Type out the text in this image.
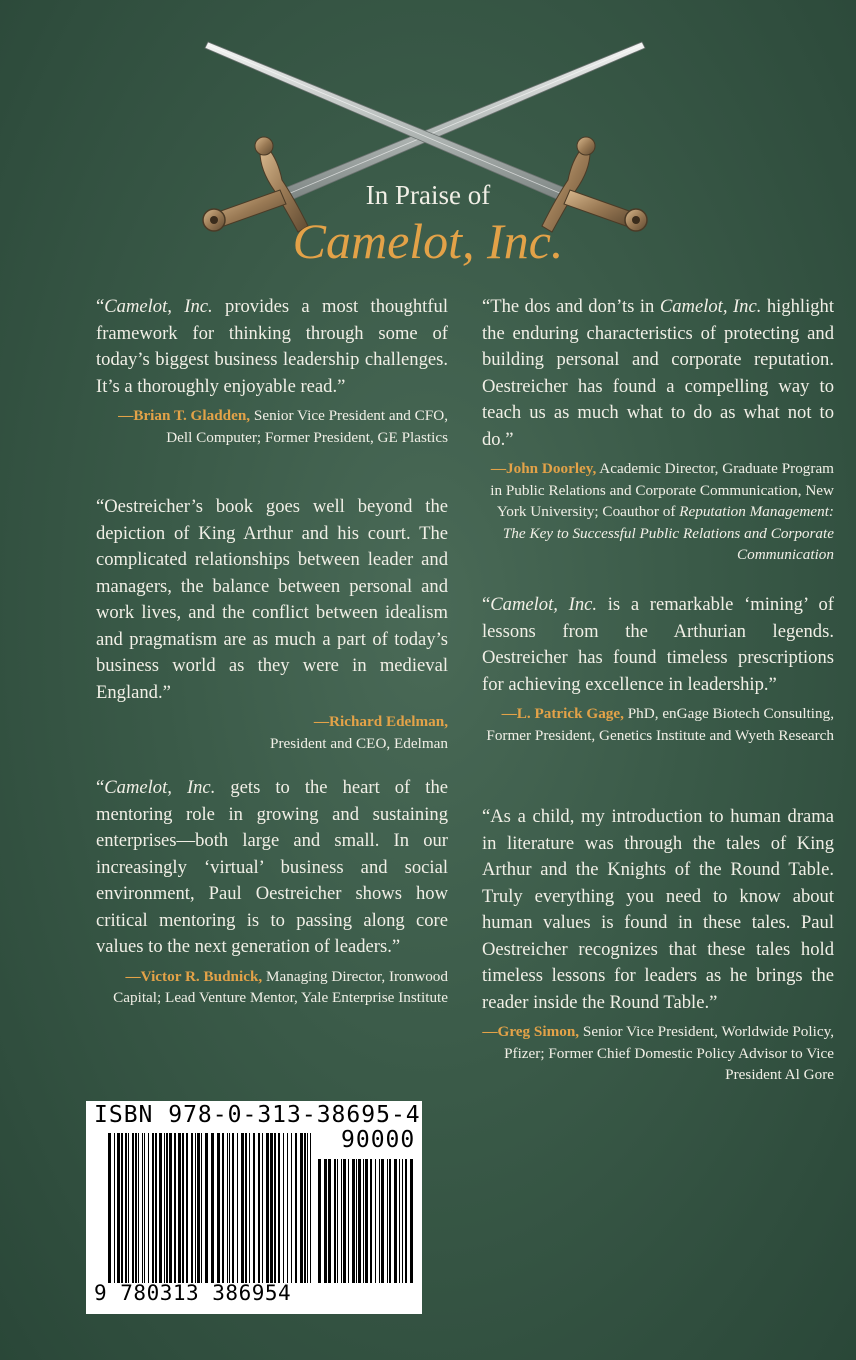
In Praise of
Camelot, Inc.

“Camelot, Inc. provides a most thoughtful framework for thinking through some of today’s biggest business leadership challenges. It’s a thoroughly enjoyable read.”

—Brian T. Gladden, Senior Vice President and CFO, Dell Computer; Former President, GE Plastics

“Oestreicher’s book goes well beyond the depiction of King Arthur and his court. The complicated relationships between leader and managers, the balance between personal and work lives, and the conflict between idealism and pragmatism are as much a part of today’s business world as they were in medieval England.”

—Richard Edelman,
President and CEO, Edelman

“Camelot, Inc. gets to the heart of the mentoring role in growing and sustaining enterprises—both large and small. In our increasingly ‘virtual’ business and social environment, Paul Oestreicher shows how critical mentoring is to passing along core values to the next generation of leaders.”

—Victor R. Budnick, Managing Director, Ironwood Capital; Lead Venture Mentor, Yale Enterprise Institute

“The dos and don’ts in Camelot, Inc. highlight the enduring characteristics of protecting and building personal and corporate reputation. Oestreicher has found a compelling way to teach us as much what to do as what not to do.”

—John Doorley, Academic Director, Graduate Program in Public Relations and Corporate Communication, New York University; Coauthor of Reputation Management: The Key to Successful Public Relations and Corporate Communication

“Camelot, Inc. is a remarkable ‘mining’ of lessons from the Arthurian legends. Oestreicher has found timeless prescriptions for achieving excellence in leadership.”

—L. Patrick Gage, PhD, enGage Biotech Consulting, Former President, Genetics Institute and Wyeth Research

“As a child, my introduction to human drama in literature was through the tales of King Arthur and the Knights of the Round Table. Truly everything you need to know about human values is found in these tales. Paul Oestreicher recognizes that these tales hold timeless lessons for leaders as he brings the reader inside the Round Table.”

—Greg Simon, Senior Vice President, Worldwide Policy, Pfizer; Former Chief Domestic Policy Advisor to Vice President Al Gore

ISBN 978-0-313-38695-4
90000
9 780313 386954
